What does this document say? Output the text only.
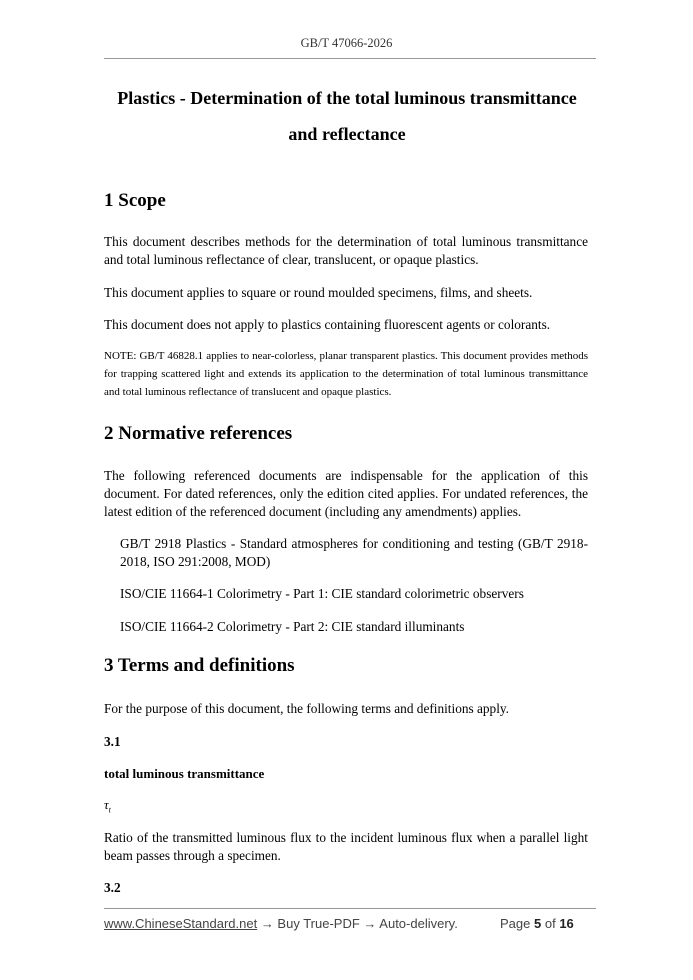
GB/T 47066-2026
Plastics - Determination of the total luminous transmittance
and reflectance
1 Scope

This document describes methods for the determination of total luminous transmittance and total luminous reflectance of clear, translucent, or opaque plastics.

This document applies to square or round moulded specimens, films, and sheets.

This document does not apply to plastics containing fluorescent agents or colorants.

NOTE: GB/T 46828.1 applies to near-colorless, planar transparent plastics. This document provides methods for trapping scattered light and extends its application to the determination of total luminous transmittance and total luminous reflectance of translucent and opaque plastics.

2 Normative references

The following referenced documents are indispensable for the application of this document. For dated references, only the edition cited applies. For undated references, the latest edition of the referenced document (including any amendments) applies.

GB/T 2918 Plastics - Standard atmospheres for conditioning and testing (GB/T 2918-2018, ISO 291:2008, MOD)

ISO/CIE 11664-1 Colorimetry - Part 1: CIE standard colorimetric observers

ISO/CIE 11664-2 Colorimetry - Part 2: CIE standard illuminants

3 Terms and definitions

For the purpose of this document, the following terms and definitions apply.

3.1

total luminous transmittance

$\tau_t$

Ratio of the transmitted luminous flux to the incident luminous flux when a parallel light beam passes through a specimen.

3.2

www.ChineseStandard.net → Buy True-PDF → Auto-delivery.	Page 5 of 16
